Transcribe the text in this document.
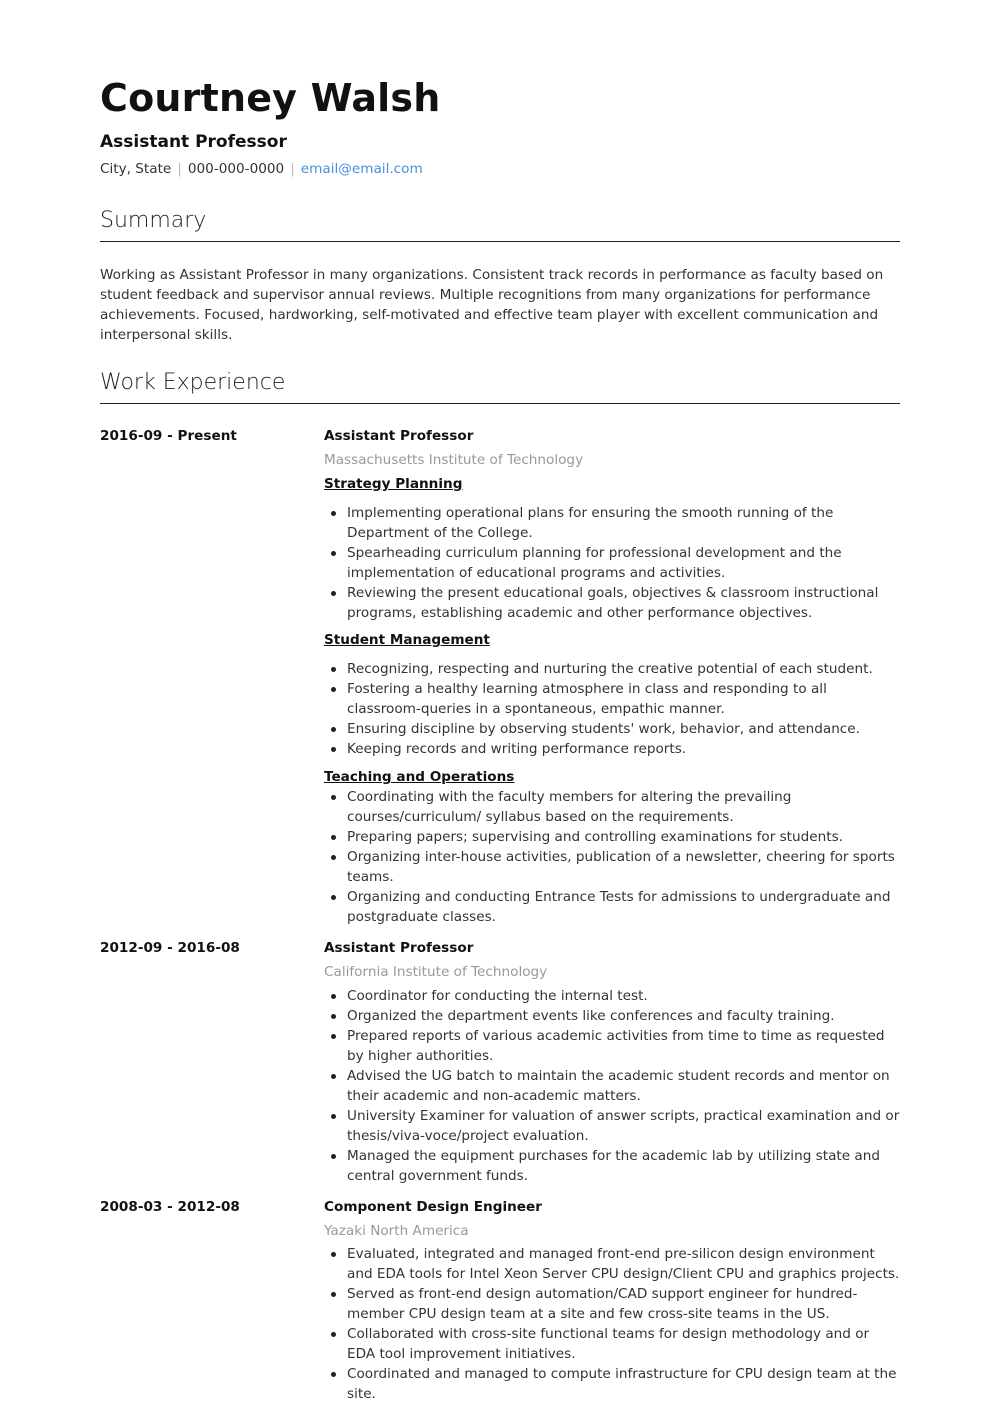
Courtney Walsh
Assistant Professor
City, State | 000-000-0000 | email@email.com
Summary

Working as Assistant Professor in many organizations. Consistent track records in performance as faculty based on student feedback and supervisor annual reviews. Multiple recognitions from many organizations for performance achievements. Focused, hardworking, self-motivated and effective team player with excellent communication and interpersonal skills.

Work Experience
2016-09 - Present	Assistant Professor
Massachusetts Institute of Technology
Strategy Planning
Implementing operational plans for ensuring the smooth running of the Department of the College.
Spearheading curriculum planning for professional development and the implementation of educational programs and activities.
Reviewing the present educational goals, objectives & classroom instructional programs, establishing academic and other performance objectives.
Student Management
Recognizing, respecting and nurturing the creative potential of each student.
Fostering a healthy learning atmosphere in class and responding to all classroom-queries in a spontaneous, empathic manner.
Ensuring discipline by observing students' work, behavior, and attendance.
Keeping records and writing performance reports.
Teaching and Operations
Coordinating with the faculty members for altering the prevailing courses/curriculum/ syllabus based on the requirements.
Preparing papers; supervising and controlling examinations for students.
Organizing inter-house activities, publication of a newsletter, cheering for sports teams.
Organizing and conducting Entrance Tests for admissions to undergraduate and postgraduate classes.
2012-09 - 2016-08	Assistant Professor
California Institute of Technology
Coordinator for conducting the internal test.
Organized the department events like conferences and faculty training.
Prepared reports of various academic activities from time to time as requested by higher authorities.
Advised the UG batch to maintain the academic student records and mentor on their academic and non-academic matters.
University Examiner for valuation of answer scripts, practical examination and or thesis/viva-voce/project evaluation.
Managed the equipment purchases for the academic lab by utilizing state and central government funds.
2008-03 - 2012-08	Component Design Engineer
Yazaki North America
Evaluated, integrated and managed front-end pre-silicon design environment and EDA tools for Intel Xeon Server CPU design/Client CPU and graphics projects.
Served as front-end design automation/CAD support engineer for hundred-member CPU design team at a site and few cross-site teams in the US.
Collaborated with cross-site functional teams for design methodology and or EDA tool improvement initiatives.
Coordinated and managed to compute infrastructure for CPU design team at the site.
